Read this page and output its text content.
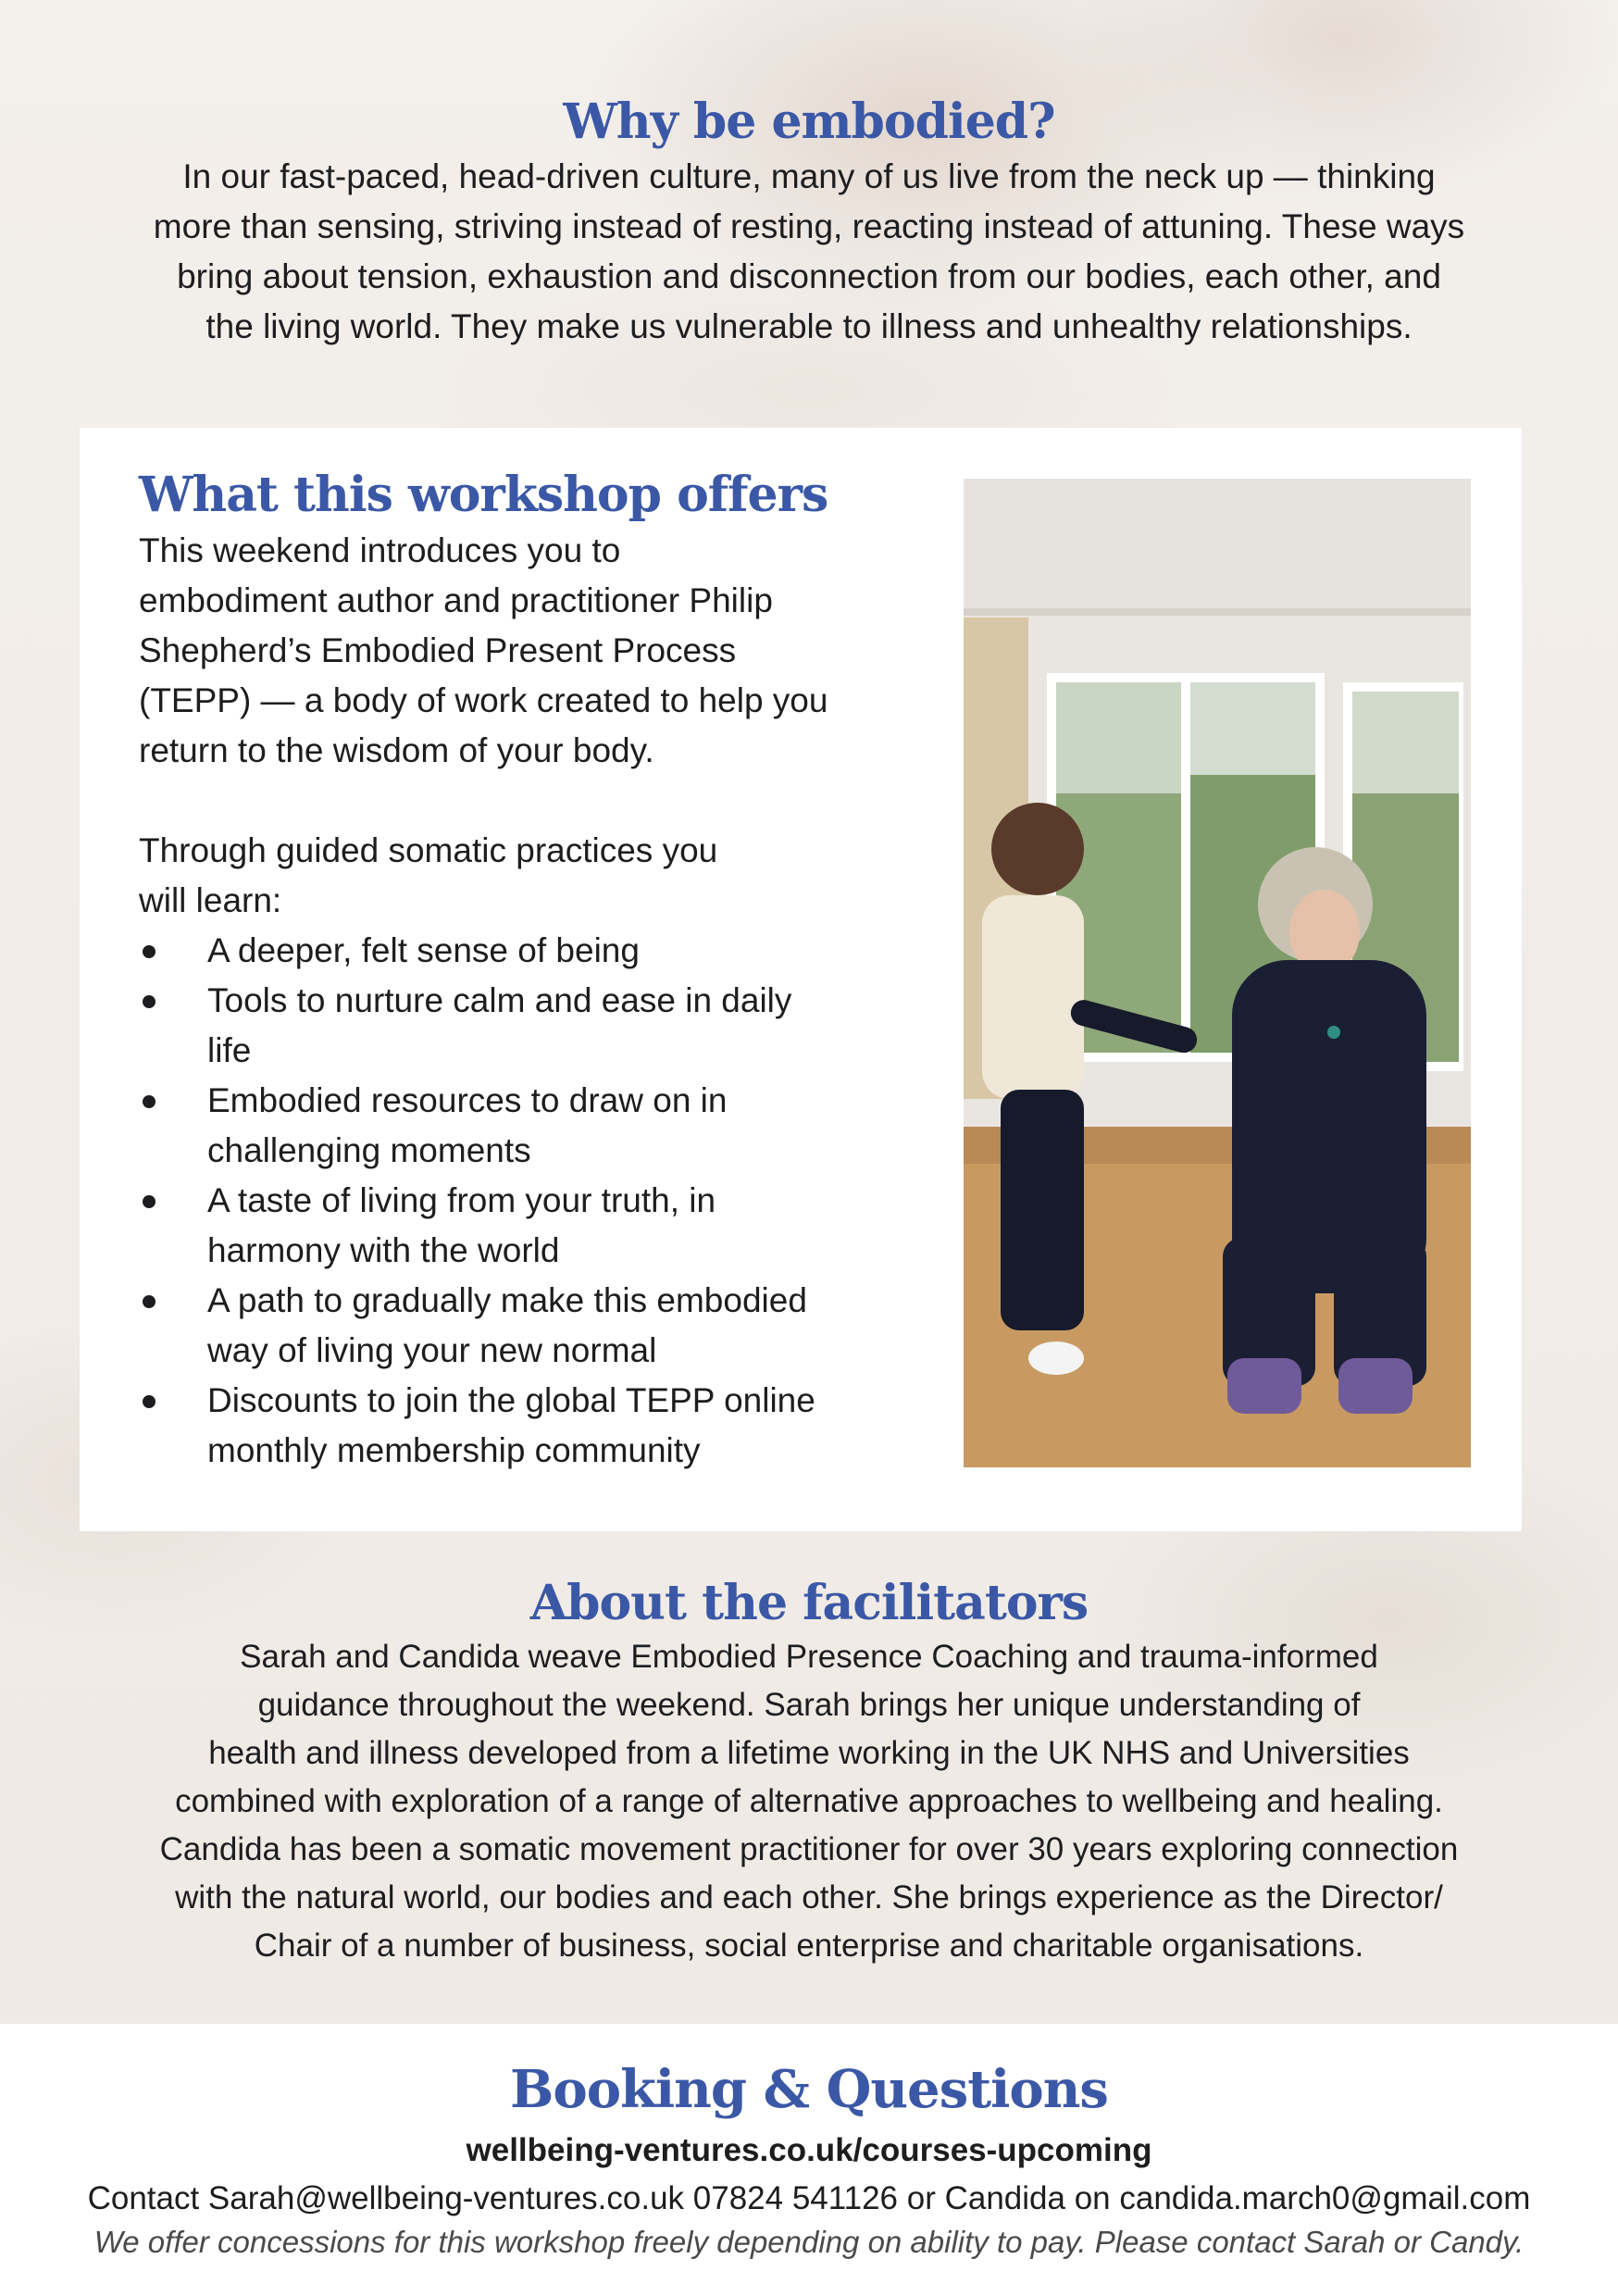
Why be embodied?

In our fast-paced, head-driven culture, many of us live from the neck up — thinking

more than sensing, striving instead of resting, reacting instead of attuning. These ways

bring about tension, exhaustion and disconnection from our bodies, each other, and

the living world. They make us vulnerable to illness and unhealthy relationships.

What this workshop offers

This weekend introduces you to

embodiment author and practitioner Philip

Shepherd’s Embodied Present Process

(TEPP) — a body of work created to help you

return to the wisdom of your body.

Through guided somatic practices you

will learn:

A deeper, felt sense of being
Tools to nurture calm and ease in daily
life
Embodied resources to draw on in
challenging moments
A taste of living from your truth, in
harmony with the world
A path to gradually make this embodied
way of living your new normal
Discounts to join the global TEPP online
monthly membership community
About the facilitators

Sarah and Candida weave Embodied Presence Coaching and trauma-informed

guidance throughout the weekend. Sarah brings her unique understanding of

health and illness developed from a lifetime working in the UK NHS and Universities

combined with exploration of a range of alternative approaches to wellbeing and healing.

Candida has been a somatic movement practitioner for over 30 years exploring connection

with the natural world, our bodies and each other. She brings experience as the Director/

Chair of a number of business, social enterprise and charitable organisations.

Booking & Questions
wellbeing-ventures.co.uk/courses-upcoming
Contact Sarah@wellbeing-ventures.co.uk 07824 541126 or Candida on candida.march0@gmail.com
We offer concessions for this workshop freely depending on ability to pay. Please contact Sarah or Candy.
